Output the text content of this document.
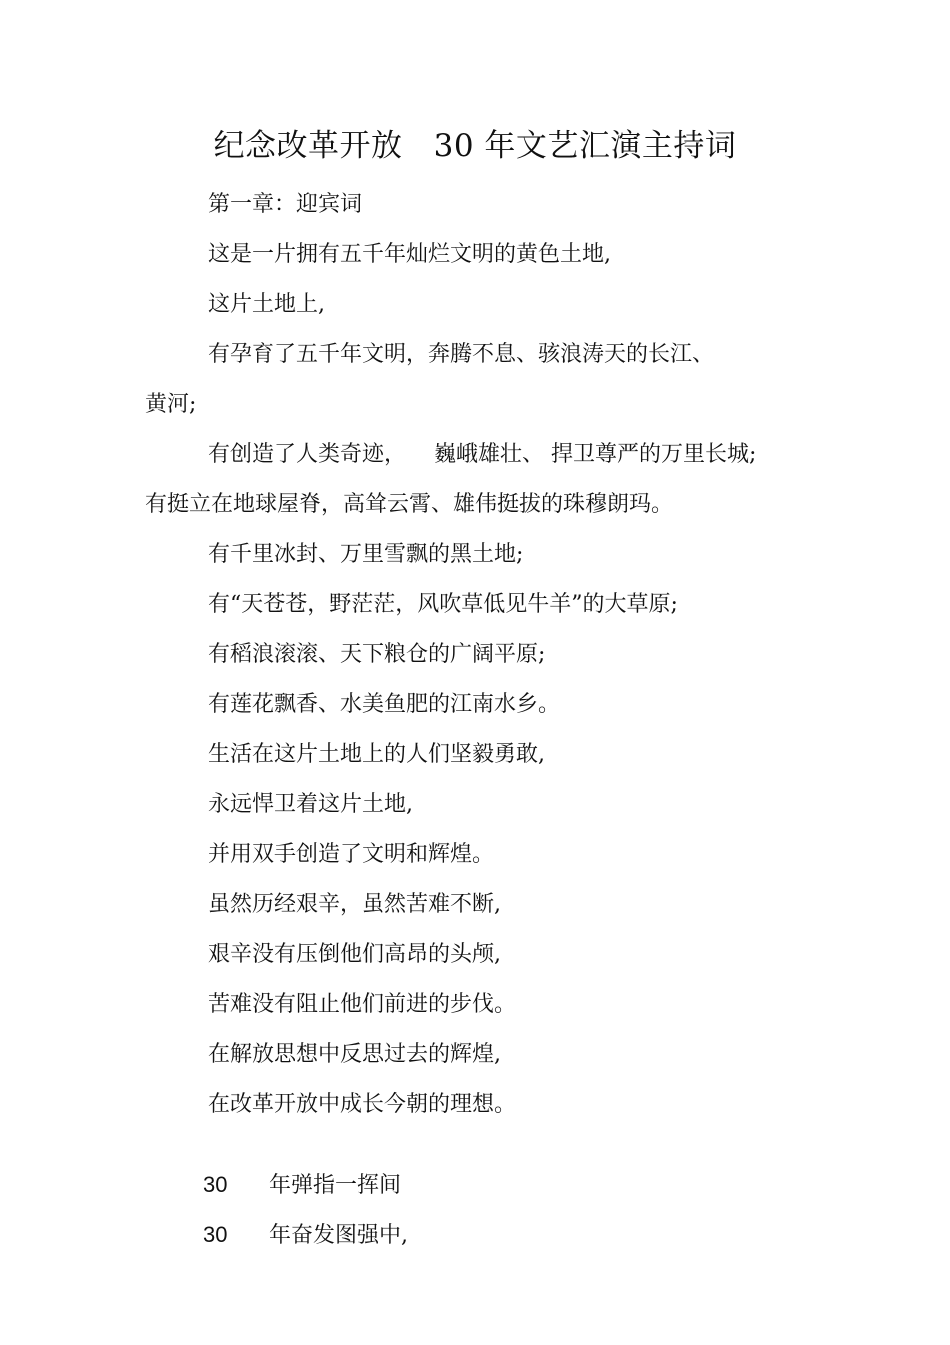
纪念改革开放   30 年文艺汇演主持词
第一章：迎宾词
这是一片拥有五千年灿烂文明的黄色土地,
这片土地上,
有孕育了五千年文明，奔腾不息、骇浪涛天的长江、
黄河;
有创造了人类奇迹，    巍峨雄壮、 捍卫尊严的万里长城;
有挺立在地球屋脊，高耸云霄、雄伟挺拔的珠穆朗玛。
有千里冰封、万里雪飘的黑土地;
有“天苍苍，野茫茫，风吹草低见牛羊”的大草原;
有稻浪滚滚、天下粮仓的广阔平原;
有莲花飘香、水美鱼肥的江南水乡。
生活在这片土地上的人们坚毅勇敢,
永远悍卫着这片土地,
并用双手创造了文明和辉煌。
虽然历经艰辛，虽然苦难不断,
艰辛没有压倒他们高昂的头颅,
苦难没有阻止他们前进的步伐。
在解放思想中反思过去的辉煌,
在改革开放中成长今朝的理想。

30 年弹指一挥间

30 年奋发图强中,
